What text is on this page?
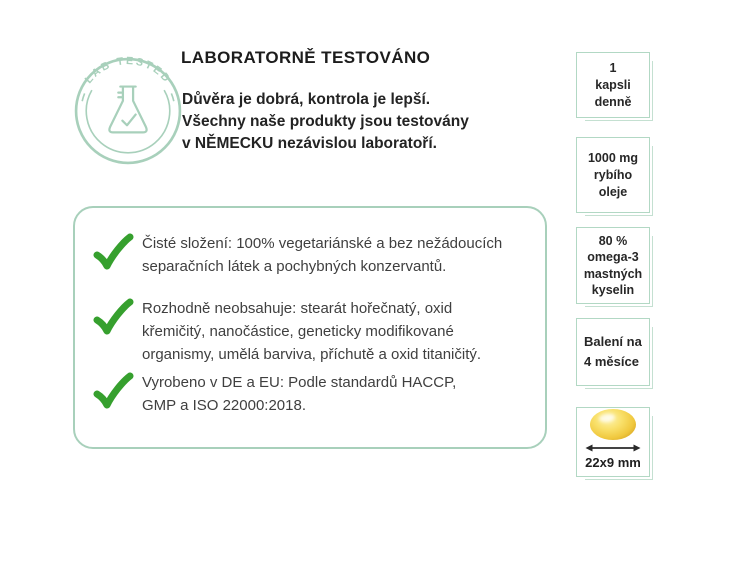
LAB TESTED
LABORATORNĚ TESTOVÁNO
Důvěra je dobrá, kontrola je lepší.
Všechny naše produkty jsou testovány
v NĚMECKU nezávislou laboratoří.
Čisté složení: 100% vegetariánské a bez nežádoucích
separačních látek a pochybných konzervantů.
Rozhodně neobsahuje: stearát hořečnatý, oxid
křemičitý, nanočástice, geneticky modifikované
organismy, umělá barviva, příchutě a oxid titaničitý.
Vyrobeno v DE a EU: Podle standardů HACCP,
GMP a ISO 22000:2018.
1
kapsli
denně
1000 mg
rybího
oleje
80 %
omega-3
mastných
kyselin
Balení na
4 měsíce
22x9 mm
